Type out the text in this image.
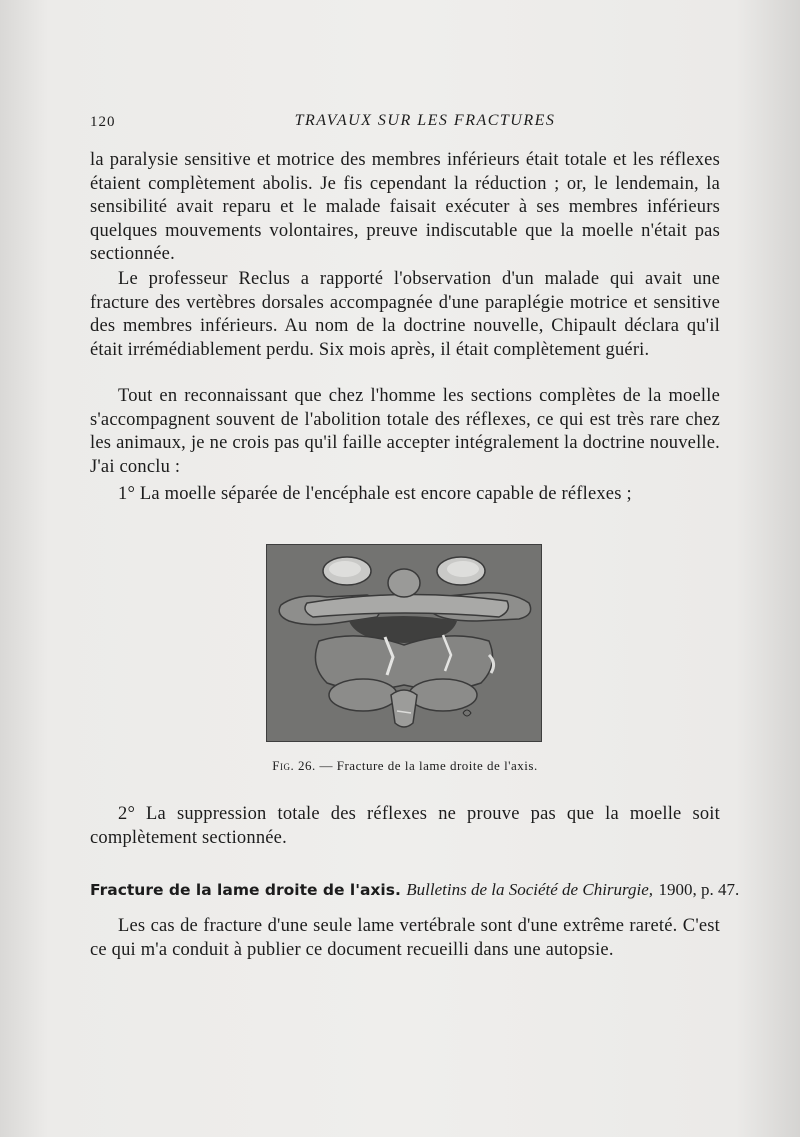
120	TRAVAUX SUR LES FRACTURES

la paralysie sensitive et motrice des membres inférieurs était totale et les réflexes étaient complètement abolis. Je fis cependant la réduction ; or, le lendemain, la sensibilité avait reparu et le malade faisait exécuter à ses membres inférieurs quelques mouvements volontaires, preuve indiscutable que la moelle n'était pas sectionnée.

Le professeur Reclus a rapporté l'observation d'un malade qui avait une fracture des vertèbres dorsales accompagnée d'une paraplégie motrice et sensitive des membres inférieurs. Au nom de la doctrine nouvelle, Chipault déclara qu'il était irrémédiablement perdu. Six mois après, il était complètement guéri.

Tout en reconnaissant que chez l'homme les sections complètes de la moelle s'accompagnent souvent de l'abolition totale des réflexes, ce qui est très rare chez les animaux, je ne crois pas qu'il faille accepter intégralement la doctrine nouvelle. J'ai conclu :

1° La moelle séparée de l'encéphale est encore capable de réflexes ;

Fig. 26. — Fracture de la lame droite de l'axis.

2° La suppression totale des réflexes ne prouve pas que la moelle soit complètement sectionnée.

Fracture de la lame droite de l'axis. Bulletins de la Société de Chirurgie, 1900, p. 47.

Les cas de fracture d'une seule lame vertébrale sont d'une extrême rareté. C'est ce qui m'a conduit à publier ce document recueilli dans une autopsie.
